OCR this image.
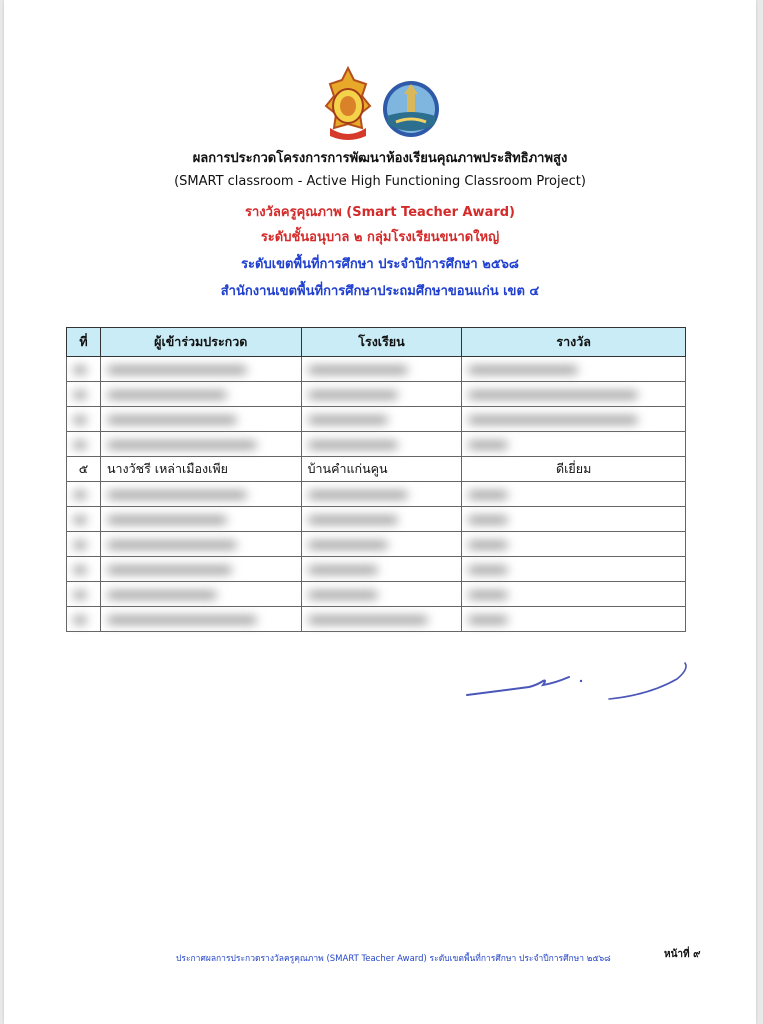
ผลการประกวดโครงการการพัฒนาห้องเรียนคุณภาพประสิทธิภาพสูง
(SMART classroom - Active High Functioning Classroom Project)
รางวัลครูคุณภาพ (Smart Teacher Award)
ระดับชั้นอนุบาล ๒ กลุ่มโรงเรียนขนาดใหญ่
ระดับเขตพื้นที่การศึกษา ประจำปีการศึกษา ๒๕๖๘
สำนักงานเขตพื้นที่การศึกษาประถมศึกษาขอนแก่น เขต ๔
ที่	ผู้เข้าร่วมประกวด	โรงเรียน	รางวัล

๕	นางวัชรี เหล่าเมืองเพีย	บ้านคำแก่นคูน	ดีเยี่ยม

ประกาศผลการประกวดรางวัลครูคุณภาพ (SMART Teacher Award) ระดับเขตพื้นที่การศึกษา ประจำปีการศึกษา ๒๕๖๘	หน้าที่ ๙
